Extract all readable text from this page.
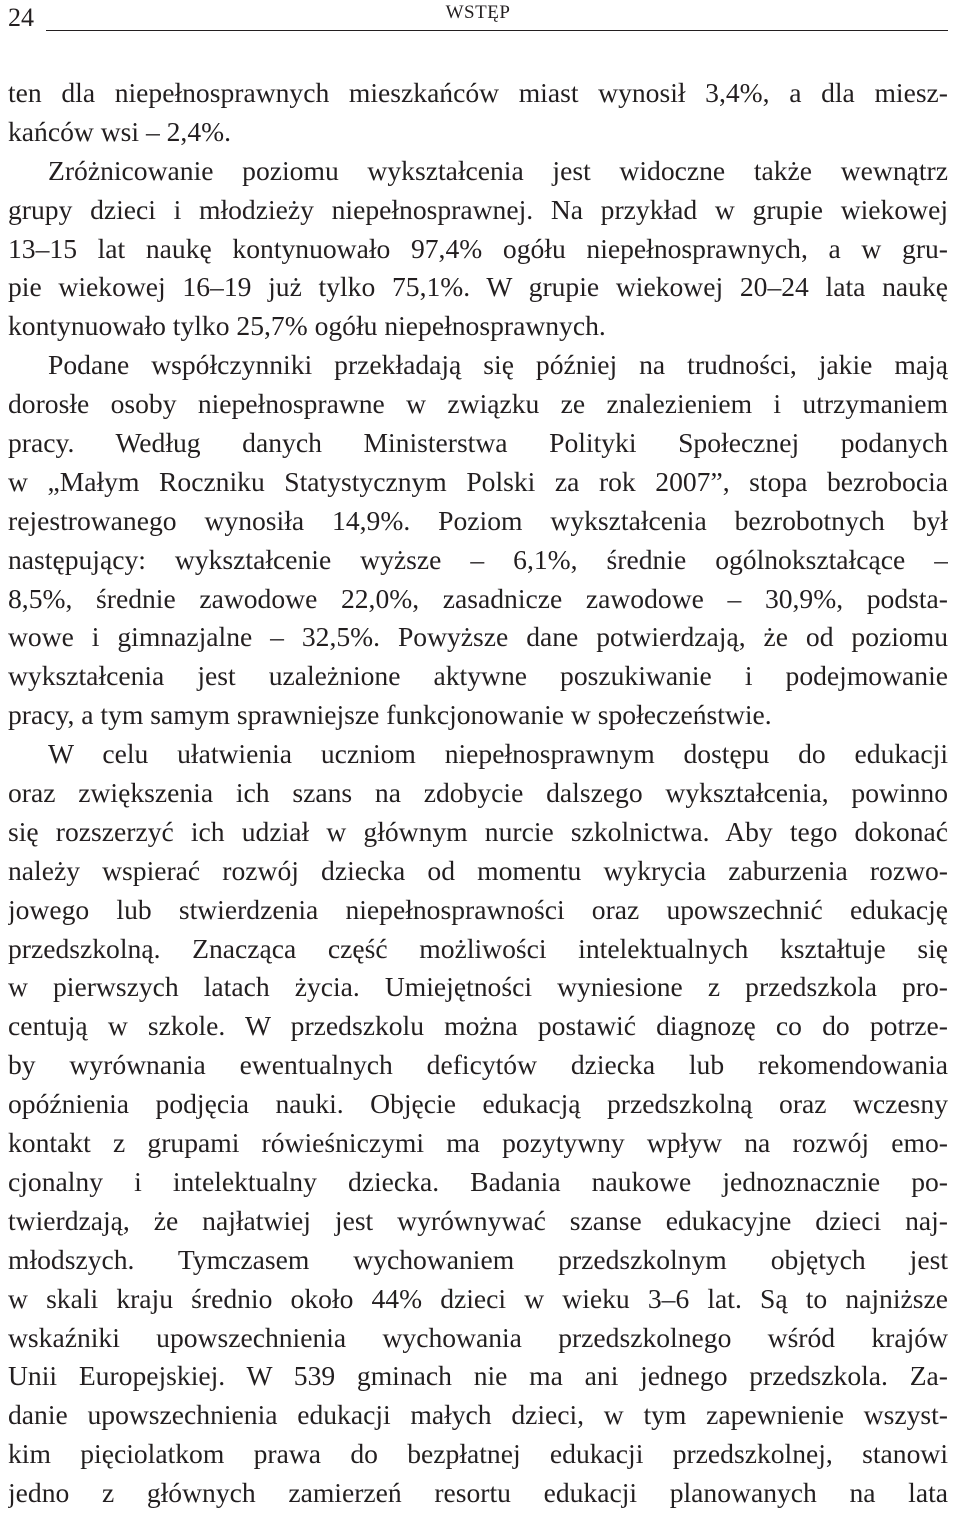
24	WSTĘP
ten dla niepełnosprawnych mieszkańców miast wynosił 3,4%, a dla miesz-
kańców wsi – 2,4%.
Zróżnicowanie poziomu wykształcenia jest widoczne także wewnątrz
grupy dzieci i młodzieży niepełnosprawnej. Na przykład w grupie wiekowej
13–15 lat naukę kontynuowało 97,4% ogółu niepełnosprawnych, a w gru-
pie wiekowej 16–19 już tylko 75,1%. W grupie wiekowej 20–24 lata naukę
kontynuowało tylko 25,7% ogółu niepełnosprawnych.
Podane współczynniki przekładają się później na trudności, jakie mają
dorosłe osoby niepełnosprawne w związku ze znalezieniem i utrzymaniem
pracy. Według danych Ministerstwa Polityki Społecznej podanych
w „Małym Roczniku Statystycznym Polski za rok 2007”, stopa bezrobocia
rejestrowanego wynosiła 14,9%. Poziom wykształcenia bezrobotnych był
następujący: wykształcenie wyższe – 6,1%, średnie ogólnokształcące –
8,5%, średnie zawodowe 22,0%, zasadnicze zawodowe – 30,9%, podsta-
wowe i gimnazjalne – 32,5%. Powyższe dane potwierdzają, że od poziomu
wykształcenia jest uzależnione aktywne poszukiwanie i podejmowanie
pracy, a tym samym sprawniejsze funkcjonowanie w społeczeństwie.
W celu ułatwienia uczniom niepełnosprawnym dostępu do edukacji
oraz zwiększenia ich szans na zdobycie dalszego wykształcenia, powinno
się rozszerzyć ich udział w głównym nurcie szkolnictwa. Aby tego dokonać
należy wspierać rozwój dziecka od momentu wykrycia zaburzenia rozwo-
jowego lub stwierdzenia niepełnosprawności oraz upowszechnić edukację
przedszkolną. Znacząca część możliwości intelektualnych kształtuje się
w pierwszych latach życia. Umiejętności wyniesione z przedszkola pro-
centują w szkole. W przedszkolu można postawić diagnozę co do potrze-
by wyrównania ewentualnych deficytów dziecka lub rekomendowania
opóźnienia podjęcia nauki. Objęcie edukacją przedszkolną oraz wczesny
kontakt z grupami rówieśniczymi ma pozytywny wpływ na rozwój emo-
cjonalny i intelektualny dziecka. Badania naukowe jednoznacznie po-
twierdzają, że najłatwiej jest wyrównywać szanse edukacyjne dzieci naj-
młodszych. Tymczasem wychowaniem przedszkolnym objętych jest
w skali kraju średnio około 44% dzieci w wieku 3–6 lat. Są to najniższe
wskaźniki upowszechnienia wychowania przedszkolnego wśród krajów
Unii Europejskiej. W 539 gminach nie ma ani jednego przedszkola. Za-
danie upowszechnienia edukacji małych dzieci, w tym zapewnienie wszyst-
kim pięciolatkom prawa do bezpłatnej edukacji przedszkolnej, stanowi
jedno z głównych zamierzeń resortu edukacji planowanych na lata
